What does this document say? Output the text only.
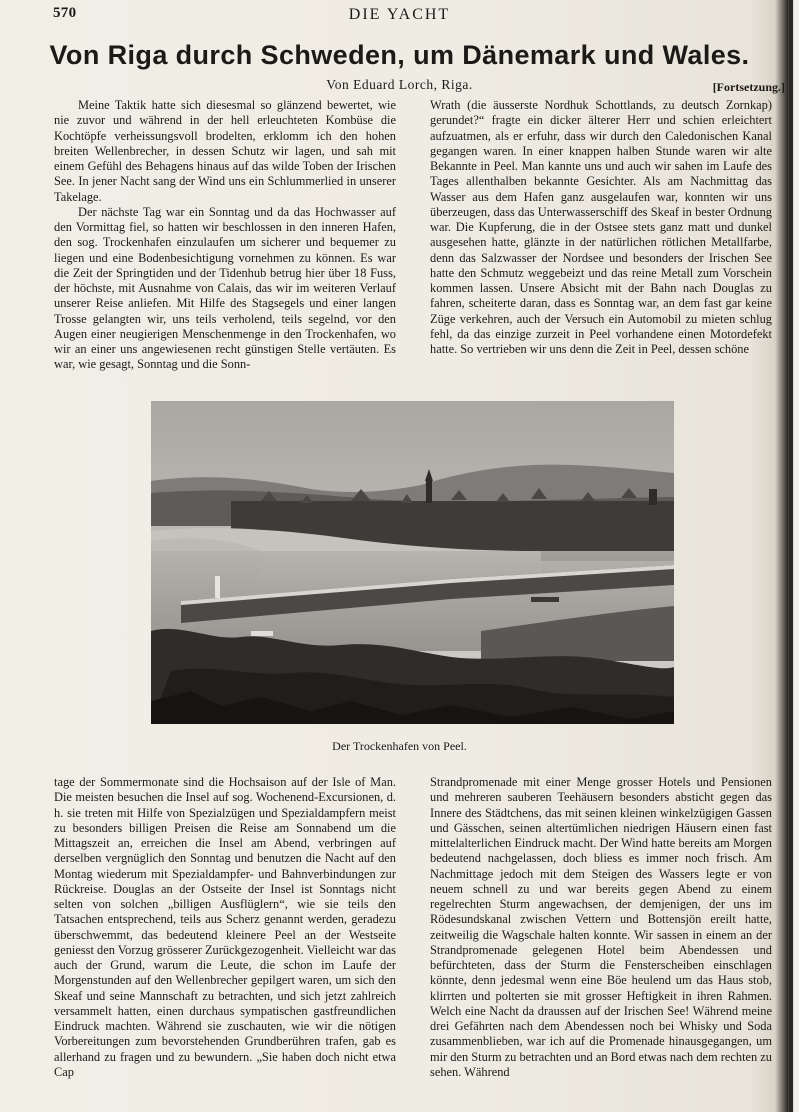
570	DIE YACHT
Von Riga durch Schweden, um Dänemark und Wales.
Von Eduard Lorch, Riga.	[Fortsetzung.]

Meine Taktik hatte sich diesesmal so glänzend bewertet, wie nie zuvor und während in der hell erleuchteten Kombüse die Kochtöpfe verheissungsvoll brodelten, erklomm ich den hohen breiten Wellenbrecher, in dessen Schutz wir lagen, und sah mit einem Gefühl des Behagens hinaus auf das wilde Toben der Irischen See. In jener Nacht sang der Wind uns ein Schlummerlied in unserer Takelage.

Der nächste Tag war ein Sonntag und da das Hochwasser auf den Vormittag fiel, so hatten wir beschlossen in den inneren Hafen, den sog. Trockenhafen einzulaufen um sicherer und bequemer zu liegen und eine Bodenbesichtigung vornehmen zu können. Es war die Zeit der Springtiden und der Tidenhub betrug hier über 18 Fuss, der höchste, mit Ausnahme von Calais, das wir im weiteren Verlauf unserer Reise anliefen. Mit Hilfe des Stagsegels und einer langen Trosse gelangten wir, uns teils verholend, teils segelnd, vor den Augen einer neugierigen Menschenmenge in den Trockenhafen, wo wir an einer uns angewiesenen recht günstigen Stelle vertäuten. Es war, wie gesagt, Sonntag und die Sonn-

Wrath (die äusserste Nordhuk Schottlands, zu deutsch Zornkap) gerundet?“ fragte ein dicker älterer Herr und schien erleichtert aufzuatmen, als er erfuhr, dass wir durch den Caledonischen Kanal gegangen waren. In einer knappen halben Stunde waren wir alte Bekannte in Peel. Man kannte uns und auch wir sahen im Laufe des Tages allenthalben bekannte Gesichter. Als am Nachmittag das Wasser aus dem Hafen ganz ausgelaufen war, konnten wir uns überzeugen, dass das Unterwasserschiff des Skeaf in bester Ordnung war. Die Kupferung, die in der Ostsee stets ganz matt und dunkel ausgesehen hatte, glänzte in der natürlichen rötlichen Metallfarbe, denn das Salzwasser der Nordsee und besonders der Irischen See hatte den Schmutz weggebeizt und das reine Metall zum Vorschein kommen lassen. Unsere Absicht mit der Bahn nach Douglas zu fahren, scheiterte daran, dass es Sonntag war, an dem fast gar keine Züge verkehren, auch der Versuch ein Automobil zu mieten schlug fehl, da das einzige zurzeit in Peel vorhandene einen Motordefekt hatte. So vertrieben wir uns denn die Zeit in Peel, dessen schöne

Der Trockenhafen von Peel.

tage der Sommermonate sind die Hochsaison auf der Isle of Man. Die meisten besuchen die Insel auf sog. Wochenend-Excursionen, d. h. sie treten mit Hilfe von Spezialzügen und Spezialdampfern meist zu besonders billigen Preisen die Reise am Sonnabend um die Mittagszeit an, erreichen die Insel am Abend, verbringen auf derselben vergnüglich den Sonntag und benutzen die Nacht auf den Montag wiederum mit Spezialdampfer- und Bahnverbindungen zur Rückreise. Douglas an der Ostseite der Insel ist Sonntags nicht selten von solchen „billigen Ausflüglern“, wie sie teils den Tatsachen entsprechend, teils aus Scherz genannt werden, geradezu überschwemmt, das bedeutend kleinere Peel an der Westseite geniesst den Vorzug grösserer Zurückgezogenheit. Vielleicht war das auch der Grund, warum die Leute, die schon im Laufe der Morgenstunden auf den Wellenbrecher gepilgert waren, um sich den Skeaf und seine Mannschaft zu betrachten, und sich jetzt zahlreich versammelt hatten, einen durchaus sympatischen gastfreundlichen Eindruck machten. Während sie zuschauten, wie wir die nötigen Vorbereitungen zum bevorstehenden Grundberühren trafen, gab es allerhand zu fragen und zu bewundern. „Sie haben doch nicht etwa Cap

Strandpromenade mit einer Menge grosser Hotels und Pensionen und mehreren sauberen Teehäusern besonders absticht gegen das Innere des Städtchens, das mit seinen kleinen winkelzügigen Gassen und Gässchen, seinen altertümlichen niedrigen Häusern einen fast mittelalterlichen Eindruck macht. Der Wind hatte bereits am Morgen bedeutend nachgelassen, doch bliess es immer noch frisch. Am Nachmittage jedoch mit dem Steigen des Wassers legte er von neuem schnell zu und war bereits gegen Abend zu einem regelrechten Sturm angewachsen, der demjenigen, der uns im Rödesundskanal zwischen Vettern und Bottensjön ereilt hatte, zeitweilig die Wagschale halten konnte. Wir sassen in einem an der Strandpromenade gelegenen Hotel beim Abendessen und befürchteten, dass der Sturm die Fensterscheiben einschlagen könnte, denn jedesmal wenn eine Böe heulend um das Haus stob, klirrten und polterten sie mit grosser Heftigkeit in ihren Rahmen. Welch eine Nacht da draussen auf der Irischen See! Während meine drei Gefährten nach dem Abendessen noch bei Whisky und Soda zusammenblieben, war ich auf die Promenade hinausgegangen, um mir den Sturm zu betrachten und an Bord etwas nach dem rechten zu sehen. Während
